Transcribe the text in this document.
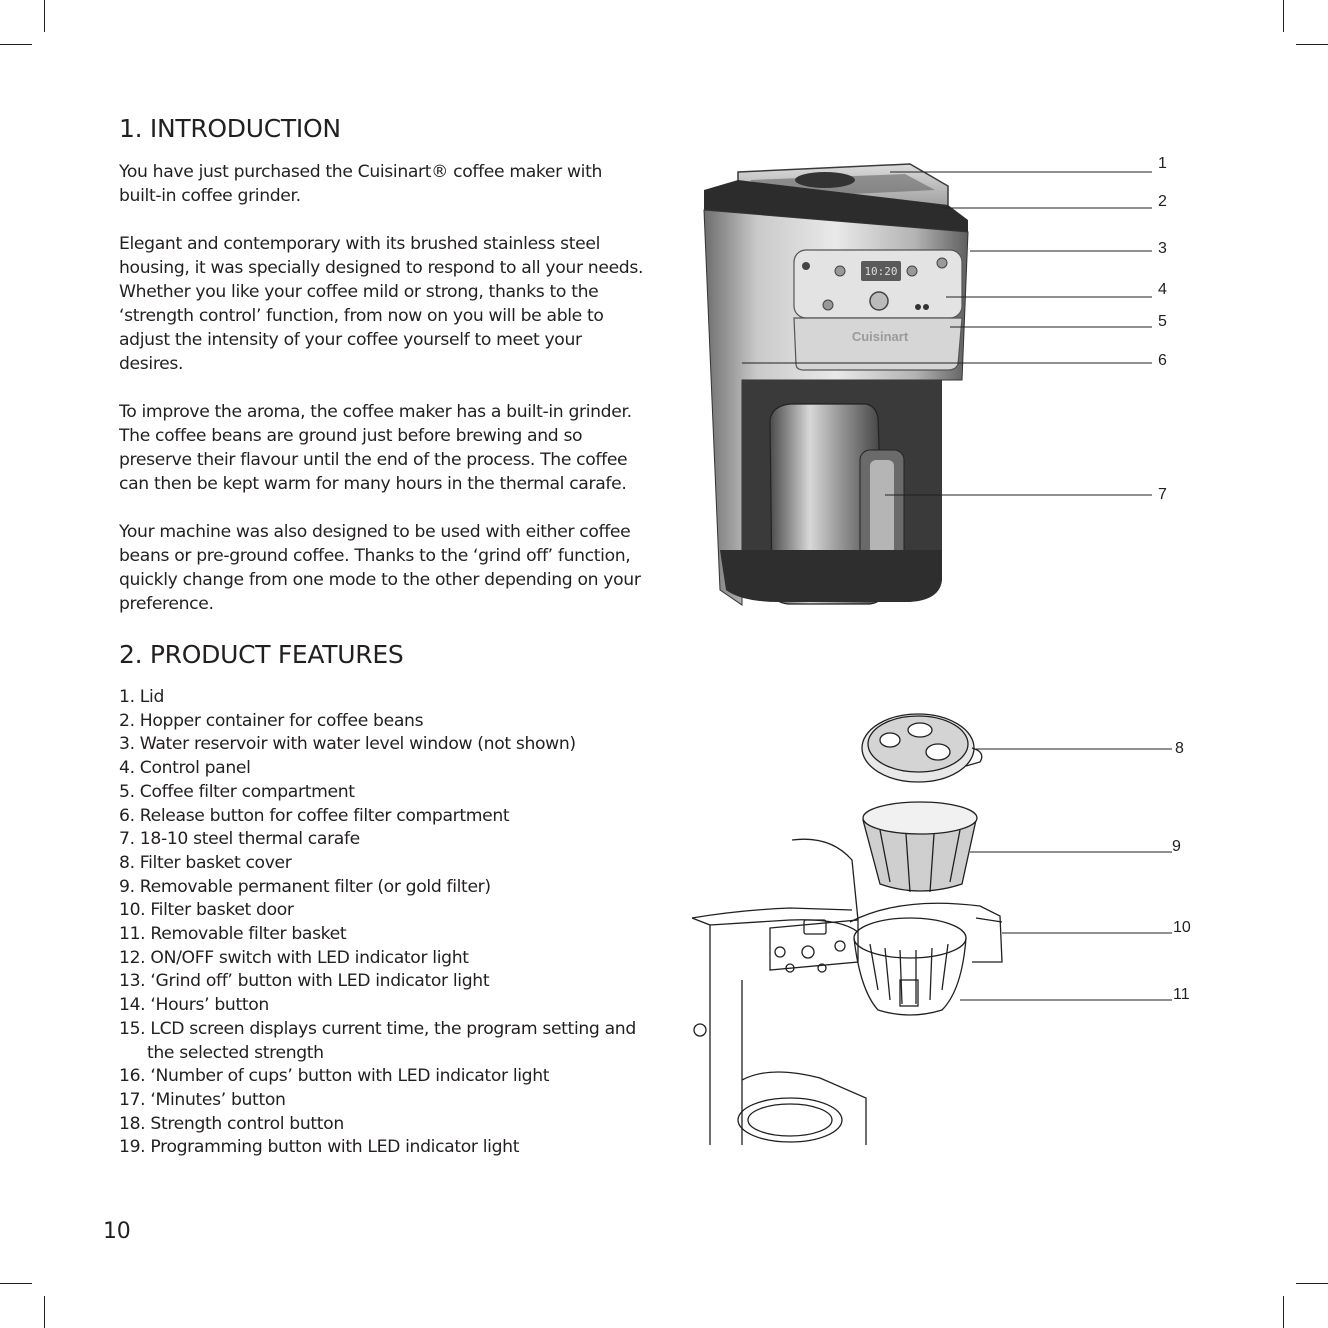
1. INTRODUCTION

You have just purchased the Cuisinart® coffee maker with built-in coffee grinder.

Elegant and contemporary with its brushed stainless steel housing, it was specially designed to respond to all your needs. Whether you like your coffee mild or strong, thanks to the ‘strength control’ function, from now on you will be able to adjust the intensity of your coffee yourself to meet your desires.

To improve the aroma, the coffee maker has a built-in grinder. The coffee beans are ground just before brewing and so preserve their flavour until the end of the process. The coffee can then be kept warm for many hours in the thermal carafe.

Your machine was also designed to be used with either coffee beans or pre-ground coffee. Thanks to the ‘grind off’ function, quickly change from one mode to the other depending on your preference.

2. PRODUCT FEATURES
1. Lid
2. Hopper container for coffee beans
3. Water reservoir with water level window (not shown)
4. Control panel
5. Coffee filter compartment
6. Release button for coffee filter compartment
7. 18-10 steel thermal carafe
8. Filter basket cover
9. Removable permanent filter (or gold filter)
10. Filter basket door
11. Removable filter basket
12. ON/OFF switch with LED indicator light
13. ‘Grind off’ button with LED indicator light
14. ‘Hours’ button
15. LCD screen displays current time, the program setting and the selected strength
16. ‘Number of cups’ button with LED indicator light
17. ‘Minutes’ button
18. Strength control button
19. Programming button with LED indicator light
10:20
Cuisinart
1
2
3
4
5
6
7
8
9
10
11
10
